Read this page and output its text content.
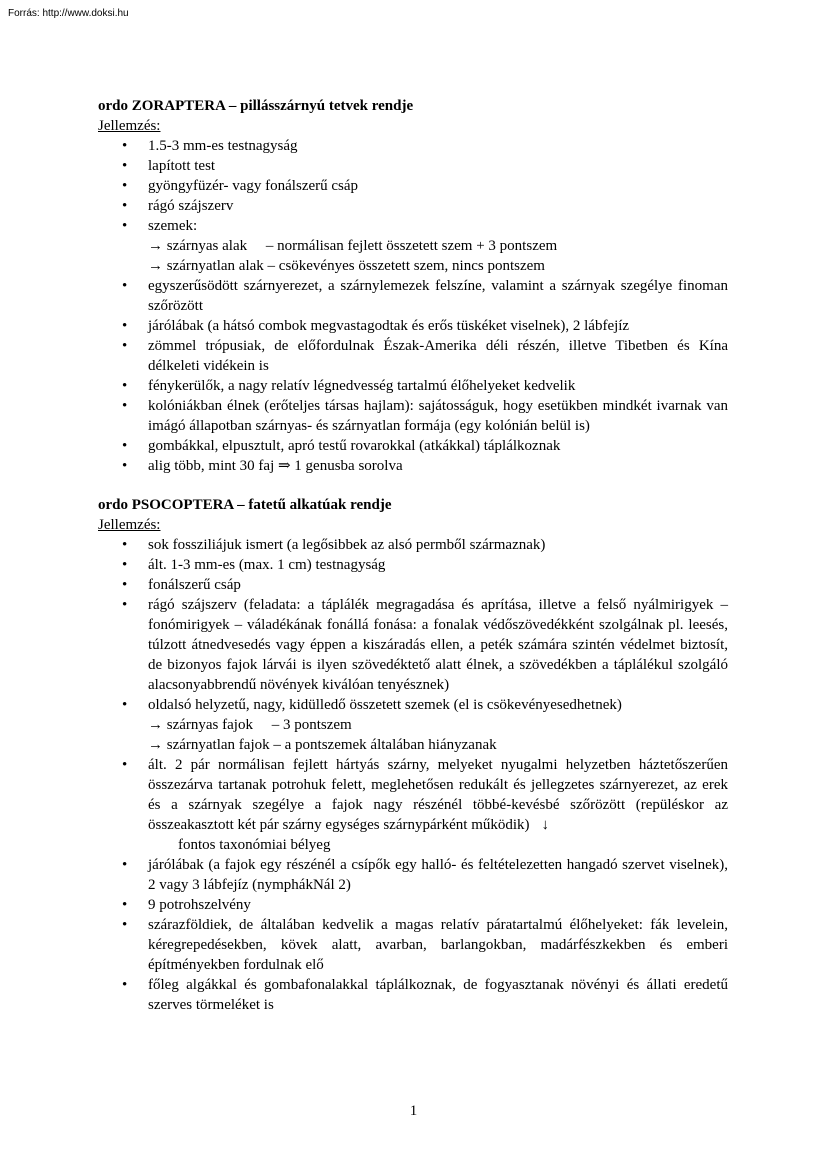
Forrás: http://www.doksi.hu

ordo ZORAPTERA – pillásszárnyú tetvek rendje

Jellemzés:

• 1.5-3 mm-es testnagyság
• lapított test
• gyöngyfüzér- vagy fonálszerű csáp
• rágó szájszerv
• szemek:
→ szárnyas alak     – normálisan fejlett összetett szem + 3 pontszem
→ szárnyatlan alak – csökevényes összetett szem, nincs pontszem
• egyszerűsödött szárnyerezet, a szárnylemezek felszíne, valamint a szárnyak szegélye finoman szőrözött
• járólábak (a hátsó combok megvastagodtak és erős tüskéket viselnek), 2 lábfejíz
• zömmel trópusiak, de előfordulnak Észak-Amerika déli részén, illetve Tibetben és Kína délkeleti vidékein is
• fénykerülők, a nagy relatív légnedvesség tartalmú élőhelyeket kedvelik
• kolóniákban élnek (erőteljes társas hajlam): sajátosságuk, hogy esetükben mindkét ivarnak van imágó állapotban szárnyas- és szárnyatlan formája (egy kolónián belül is)
• gombákkal, elpusztult, apró testű rovarokkal (atkákkal) táplálkoznak
• alig több, mint 30 faj ⇒ 1 genusba sorolva

ordo PSOCOPTERA – fatetű alkatúak rendje

Jellemzés:

• sok fossziliájuk ismert (a legősibbek az alsó permből származnak)
• ált. 1-3 mm-es (max. 1 cm) testnagyság
• fonálszerű csáp
• rágó szájszerv (feladata: a táplálék megragadása és aprítása, illetve a felső nyálmirigyek – fonómirigyek – váladékának fonállá fonása: a fonalak védőszövedékként szolgálnak pl. leesés, túlzott átnedvesedés vagy éppen a kiszáradás ellen, a peték számára szintén védelmet biztosít, de bizonyos fajok lárvái is ilyen szövedéktető alatt élnek, a szövedékben a táplálékul szolgáló alacsonyabbrendű növények kiválóan tenyésznek)
• oldalsó helyzetű, nagy, kidülledő összetett szemek (el is csökevényesedhetnek)
→ szárnyas fajok     – 3 pontszem
→ szárnyatlan fajok – a pontszemek általában hiányzanak
• ált. 2 pár normálisan fejlett hártyás szárny, melyeket nyugalmi helyzetben háztetőszerűen összezárva tartanak potrohuk felett, meglehetősen redukált és jellegzetes szárnyerezet, az erek és a szárnyak szegélye a fajok nagy részénél többé-kevésbé szőrözött (repüléskor az összeakasztott két pár szárny egységes szárnypárként működik) ↓
fontos taxonómiai bélyeg
• járólábak (a fajok egy részénél a csípők egy halló- és feltételezetten hangadó szervet viselnek), 2 vagy 3 lábfejíz (nymphákNál 2)
• 9 potrohszelvény
• szárazföldiek, de általában kedvelik a magas relatív páratartalmú élőhelyeket: fák levelein, kéregrepedésekben, kövek alatt, avarban, barlangokban, madárfészkekben és emberi építményekben fordulnak elő
• főleg algákkal és gombafonalakkal táplálkoznak, de fogyasztanak növényi és állati eredetű szerves törmeléket is
1
